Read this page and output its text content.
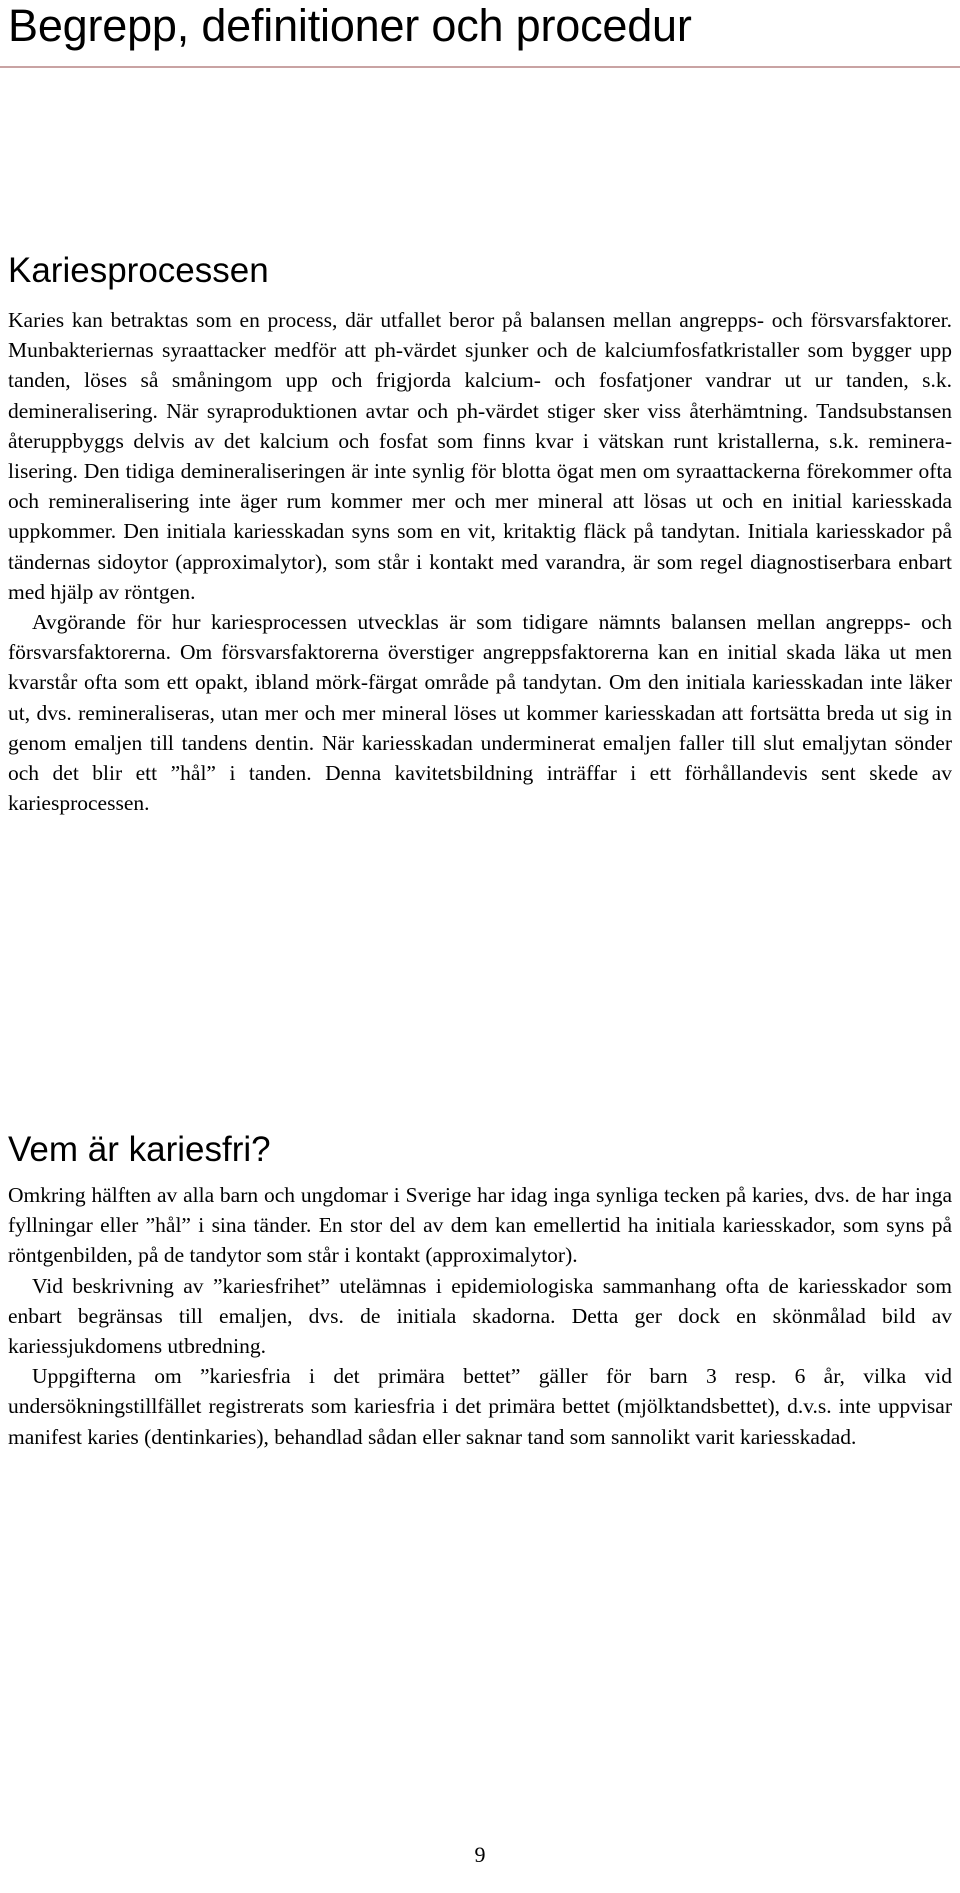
Begrepp, definitioner och procedur
Kariesprocessen

Karies kan betraktas som en process, där utfallet beror på balansen mellan angrepps- och försvarsfaktorer. Munbakteriernas syraattacker medför att ph-värdet sjunker och de kalciumfosfatkristaller som bygger upp tanden, löses så småningom upp och frigjorda kalcium- och fosfatjoner vandrar ut ur tanden, s.k. demineralisering. När syraproduktionen avtar och ph-värdet stiger sker viss återhämtning. Tandsubstansen återuppbyggs delvis av det kalcium och fosfat som finns kvar i vätskan runt kristallerna, s.k. remineralisering. Den tidiga demineraliseringen är inte synlig för blotta ögat men om syraattackerna förekommer ofta och remineralisering inte äger rum kommer mer och mer mineral att lösas ut och en initial kariesskada uppkommer. Den initiala kariesskadan syns som en vit, kritaktig fläck på tandytan. Initiala kariesskador på tändernas sidoytor (approximalytor), som står i kontakt med varandra, är som regel diagnostiserbara enbart med hjälp av röntgen.

Avgörande för hur kariesprocessen utvecklas är som tidigare nämnts balansen mellan angrepps- och försvarsfaktorerna. Om försvarsfaktorerna överstiger angreppsfaktorerna kan en initial skada läka ut men kvarstår ofta som ett opakt, ibland mörk-färgat område på tandytan. Om den initiala kariesskadan inte läker ut, dvs. remineraliseras, utan mer och mer mineral löses ut kommer kariesskadan att fortsätta breda ut sig in genom emaljen till tandens dentin. När kariesskadan underminerat emaljen faller till slut emaljytan sönder och det blir ett ”hål” i tanden. Denna kavitetsbildning inträffar i ett förhållandevis sent skede av kariesprocessen.

Vem är kariesfri?

Omkring hälften av alla barn och ungdomar i Sverige har idag inga synliga tecken på karies, dvs. de har inga fyllningar eller ”hål” i sina tänder. En stor del av dem kan emellertid ha initiala kariesskador, som syns på röntgenbilden, på de tandytor som står i kontakt (approximalytor).

Vid beskrivning av ”kariesfrihet” utelämnas i epidemiologiska sammanhang ofta de kariesskador som enbart begränsas till emaljen, dvs. de initiala skadorna. Detta ger dock en skönmålad bild av kariessjukdomens utbredning.

Uppgifterna om ”kariesfria i det primära bettet” gäller för barn 3 resp. 6 år, vilka vid undersökningstillfället registrerats som kariesfria i det primära bettet (mjölktandsbettet), d.v.s. inte uppvisar manifest karies (dentinkaries), behandlad sådan eller saknar tand som sannolikt varit kariesskadad.

9
